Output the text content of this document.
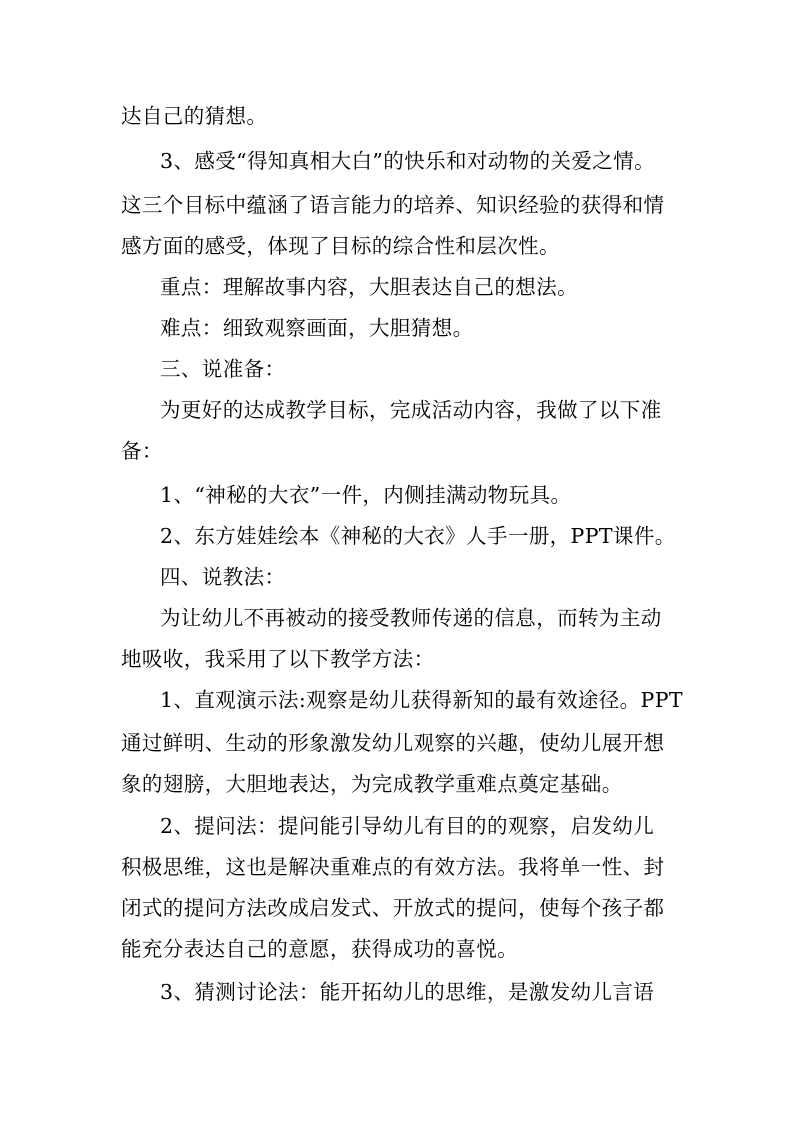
达自己的猜想。
3、感受“得知真相大白”的快乐和对动物的关爱之情。
这三个目标中蕴涵了语言能力的培养、知识经验的获得和情
感方面的感受，体现了目标的综合性和层次性。
重点：理解故事内容，大胆表达自己的想法。
难点：细致观察画面，大胆猜想。
三、说准备：
为更好的达成教学目标，完成活动内容，我做了以下准
备：
1、“神秘的大衣”一件，内侧挂满动物玩具。
2、东方娃娃绘本《神秘的大衣》人手一册，PPT课件。
四、说教法：
为让幼儿不再被动的接受教师传递的信息，而转为主动
地吸收，我采用了以下教学方法：
1、直观演示法:观察是幼儿获得新知的最有效途径。PPT
通过鲜明、生动的形象激发幼儿观察的兴趣，使幼儿展开想
象的翅膀，大胆地表达，为完成教学重难点奠定基础。
2、提问法：提问能引导幼儿有目的的观察，启发幼儿
积极思维，这也是解决重难点的有效方法。我将单一性、封
闭式的提问方法改成启发式、开放式的提问，使每个孩子都
能充分表达自己的意愿，获得成功的喜悦。
3、猜测讨论法：能开拓幼儿的思维，是激发幼儿言语
